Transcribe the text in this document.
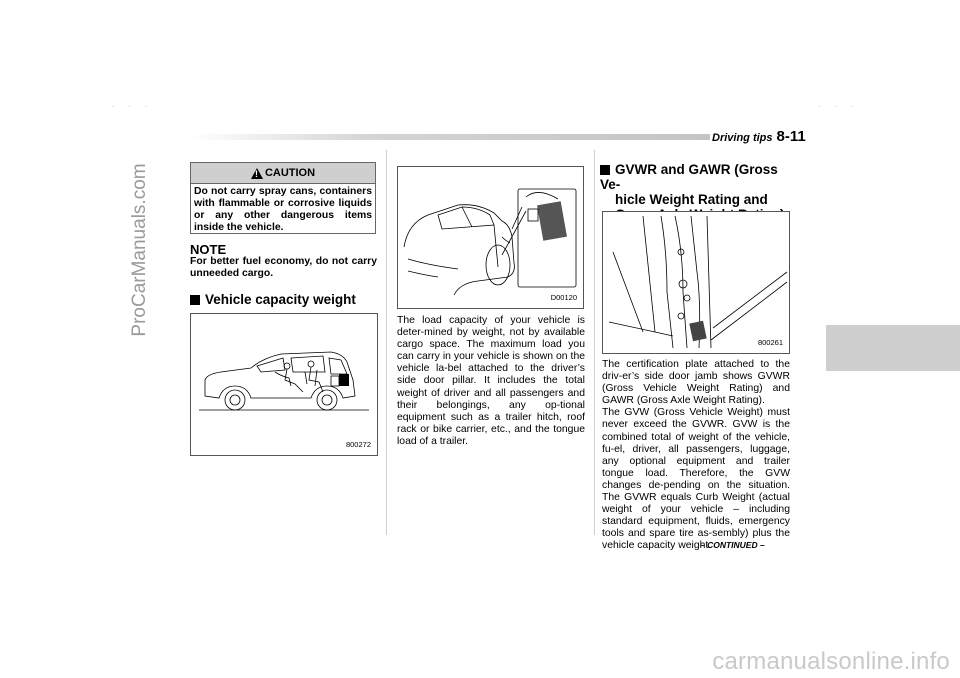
. . .	. . .
ProCarManuals.com
Driving tips 8-11
!
CAUTION
Do not carry spray cans, containers with flammable or corrosive liquids or any other dangerous items inside the vehicle.
NOTE
For better fuel economy, do not carry unneeded cargo.
Vehicle capacity weight
800272
D00120
The load capacity of your vehicle is deter-mined by weight, not by available cargo space. The maximum load you can carry in your vehicle is shown on the vehicle la-bel attached to the driver’s side door pillar. It includes the total weight of driver and all passengers and their belongings, any op-tional equipment such as a trailer hitch, roof rack or bike carrier, etc., and the tongue load of a trailer.
GVWR and GAWR (Gross Ve-
hicle Weight Rating and
800261

The certification plate attached to the driv-er’s side door jamb shows GVWR (Gross Vehicle Weight Rating) and GAWR (Gross Axle Weight Rating).

The GVW (Gross Vehicle Weight) must never exceed the GVWR. GVW is the combined total of weight of the vehicle, fu-el, driver, all passengers, luggage, any optional equipment and trailer tongue load. Therefore, the GVW changes de-pending on the situation. The GVWR equals Curb Weight (actual weight of your vehicle – including standard equipment, fluids, emergency tools and spare tire as-sembly) plus the vehicle capacity weight.

– CONTINUED –
carmanualsonline.info
